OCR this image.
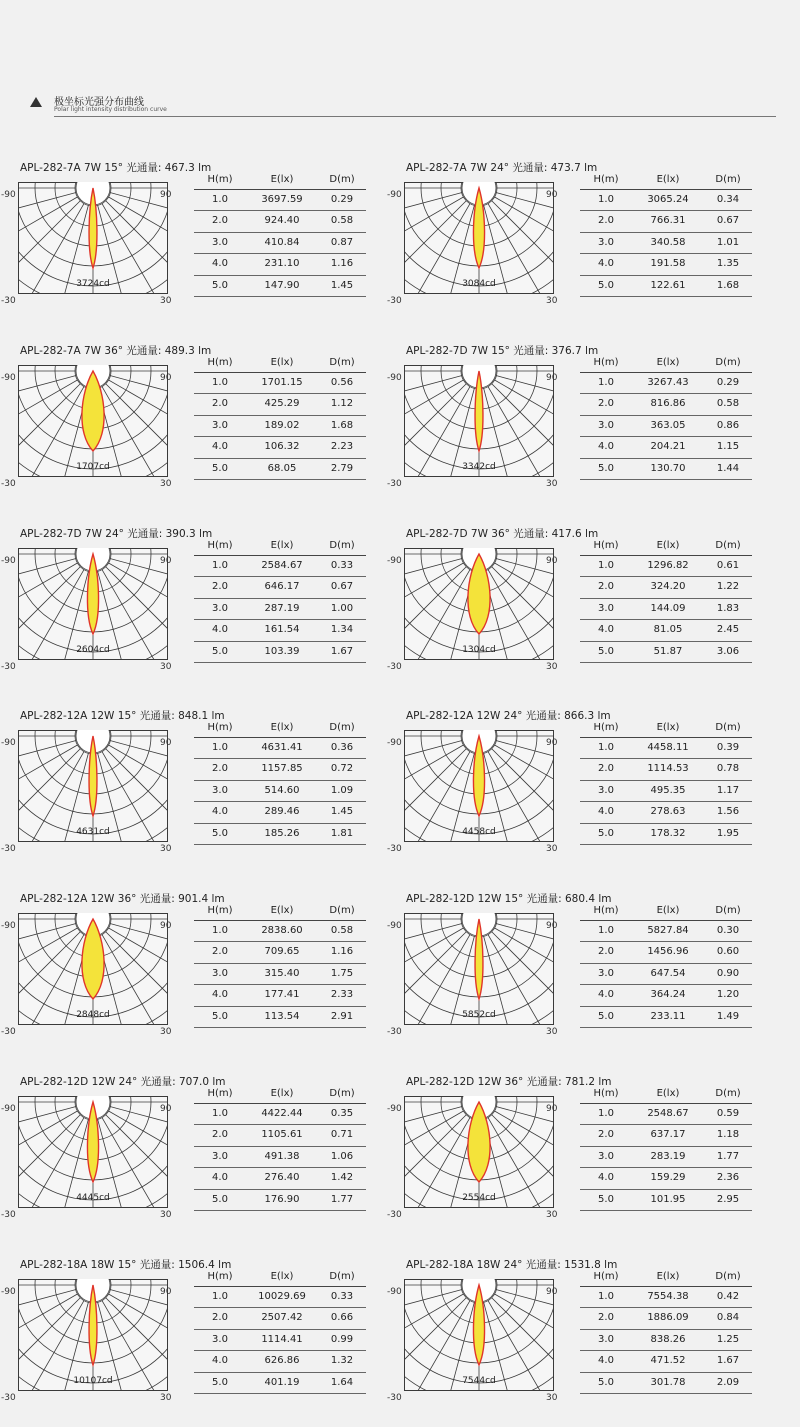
极坐标光强分布曲线
Polar light intensity distribution curve
APL-282-7A 7W 15° 光通量: 467.3 lm
3724cd
-90	90
-30	30
H(m)	E(lx)	D(m)
1.0	3697.59	0.29
2.0	924.40	0.58
3.0	410.84	0.87
4.0	231.10	1.16
5.0	147.90	1.45
APL-282-7A 7W 24° 光通量: 473.7 lm
3084cd
-90	90
-30	30
H(m)	E(lx)	D(m)
1.0	3065.24	0.34
2.0	766.31	0.67
3.0	340.58	1.01
4.0	191.58	1.35
5.0	122.61	1.68
APL-282-7A 7W 36° 光通量: 489.3 lm
1707cd
-90	90
-30	30
H(m)	E(lx)	D(m)
1.0	1701.15	0.56
2.0	425.29	1.12
3.0	189.02	1.68
4.0	106.32	2.23
5.0	68.05	2.79
APL-282-7D 7W 15° 光通量: 376.7 lm
3342cd
-90	90
-30	30
H(m)	E(lx)	D(m)
1.0	3267.43	0.29
2.0	816.86	0.58
3.0	363.05	0.86
4.0	204.21	1.15
5.0	130.70	1.44
APL-282-7D 7W 24° 光通量: 390.3 lm
2604cd
-90	90
-30	30
H(m)	E(lx)	D(m)
1.0	2584.67	0.33
2.0	646.17	0.67
3.0	287.19	1.00
4.0	161.54	1.34
5.0	103.39	1.67
APL-282-7D 7W 36° 光通量: 417.6 lm
1304cd
-90	90
-30	30
H(m)	E(lx)	D(m)
1.0	1296.82	0.61
2.0	324.20	1.22
3.0	144.09	1.83
4.0	81.05	2.45
5.0	51.87	3.06
APL-282-12A 12W 15° 光通量: 848.1 lm
4631cd
-90	90
-30	30
H(m)	E(lx)	D(m)
1.0	4631.41	0.36
2.0	1157.85	0.72
3.0	514.60	1.09
4.0	289.46	1.45
5.0	185.26	1.81
APL-282-12A 12W 24° 光通量: 866.3 lm
4458cd
-90	90
-30	30
H(m)	E(lx)	D(m)
1.0	4458.11	0.39
2.0	1114.53	0.78
3.0	495.35	1.17
4.0	278.63	1.56
5.0	178.32	1.95
APL-282-12A 12W 36° 光通量: 901.4 lm
2848cd
-90	90
-30	30
H(m)	E(lx)	D(m)
1.0	2838.60	0.58
2.0	709.65	1.16
3.0	315.40	1.75
4.0	177.41	2.33
5.0	113.54	2.91
APL-282-12D 12W 15° 光通量: 680.4 lm
5852cd
-90	90
-30	30
H(m)	E(lx)	D(m)
1.0	5827.84	0.30
2.0	1456.96	0.60
3.0	647.54	0.90
4.0	364.24	1.20
5.0	233.11	1.49
APL-282-12D 12W 24° 光通量: 707.0 lm
4445cd
-90	90
-30	30
H(m)	E(lx)	D(m)
1.0	4422.44	0.35
2.0	1105.61	0.71
3.0	491.38	1.06
4.0	276.40	1.42
5.0	176.90	1.77
APL-282-12D 12W 36° 光通量: 781.2 lm
2554cd
-90	90
-30	30
H(m)	E(lx)	D(m)
1.0	2548.67	0.59
2.0	637.17	1.18
3.0	283.19	1.77
4.0	159.29	2.36
5.0	101.95	2.95
APL-282-18A 18W 15° 光通量: 1506.4 lm
10107cd
-90	90
-30	30
H(m)	E(lx)	D(m)
1.0	10029.69	0.33
2.0	2507.42	0.66
3.0	1114.41	0.99
4.0	626.86	1.32
5.0	401.19	1.64
APL-282-18A 18W 24° 光通量: 1531.8 lm
7544cd
-90	90
-30	30
H(m)	E(lx)	D(m)
1.0	7554.38	0.42
2.0	1886.09	0.84
3.0	838.26	1.25
4.0	471.52	1.67
5.0	301.78	2.09
